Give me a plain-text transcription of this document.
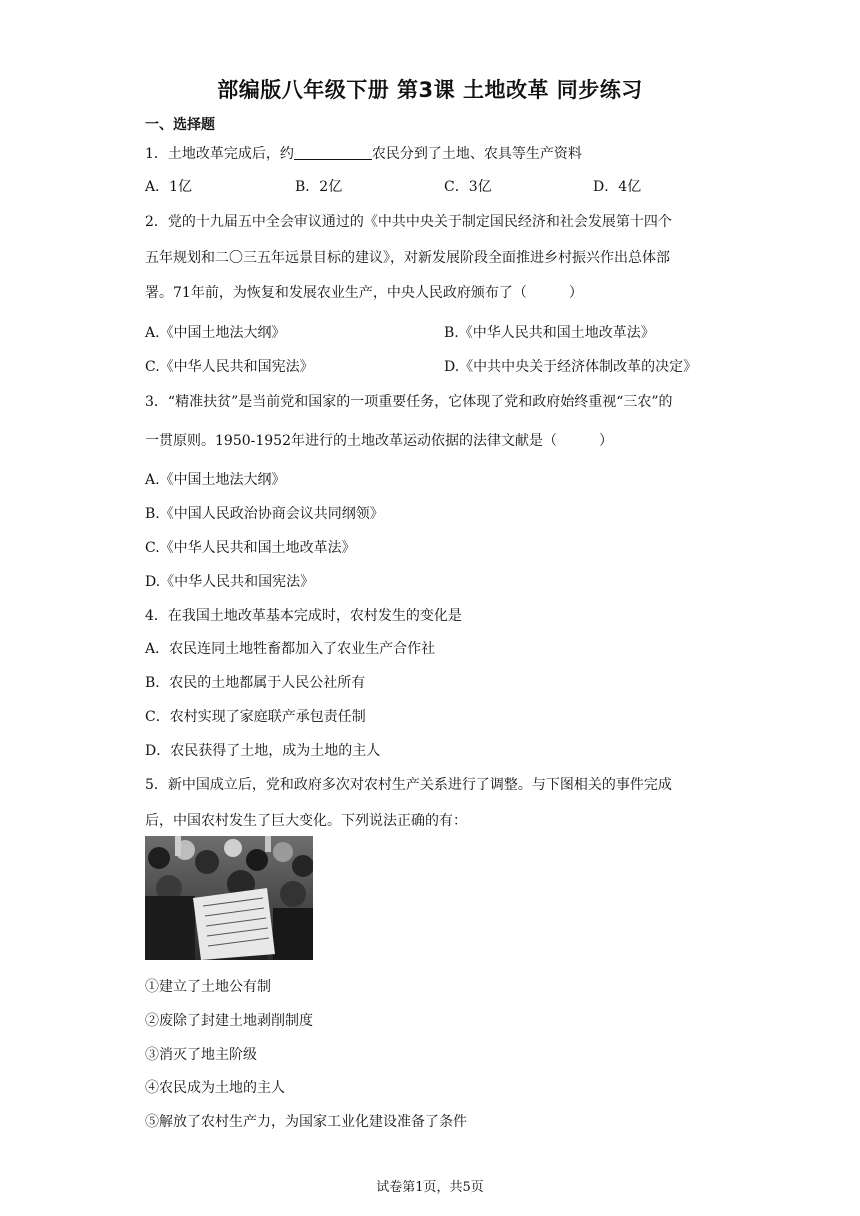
部编版八年级下册 第3课 土地改革 同步练习
一、选择题
1．土地改革完成后，约	农民分到了土地、农具等生产资料
A．1亿	B．2亿	C．3亿	D．4亿
2．党的十九届五中全会审议通过的《中共中央关于制定国民经济和社会发展第十四个
五年规划和二〇三五年远景目标的建议》，对新发展阶段全面推进乡村振兴作出总体部
署。71年前，为恢复和发展农业生产，中央人民政府颁布了（　　　）
A.《中国土地法大纲》	B.《中华人民共和国土地改革法》
C.《中华人民共和国宪法》	D.《中共中央关于经济体制改革的决定》
3．“精准扶贫”是当前党和国家的一项重要任务，它体现了党和政府始终重视“三农”的
一贯原则。1950-1952年进行的土地改革运动依据的法律文献是（　　　）
A.《中国土地法大纲》
B.《中国人民政治协商会议共同纲领》
C.《中华人民共和国土地改革法》
D.《中华人民共和国宪法》
4．在我国土地改革基本完成时，农村发生的变化是
A．农民连同土地牲畜都加入了农业生产合作社
B．农民的土地都属于人民公社所有
C．农村实现了家庭联产承包责任制
D．农民获得了土地，成为土地的主人
5．新中国成立后，党和政府多次对农村生产关系进行了调整。与下图相关的事件完成
后，中国农村发生了巨大变化。下列说法正确的有：
①建立了土地公有制
②废除了封建土地剥削制度
③消灭了地主阶级
④农民成为土地的主人
⑤解放了农村生产力，为国家工业化建设准备了条件
试卷第1页，共5页
